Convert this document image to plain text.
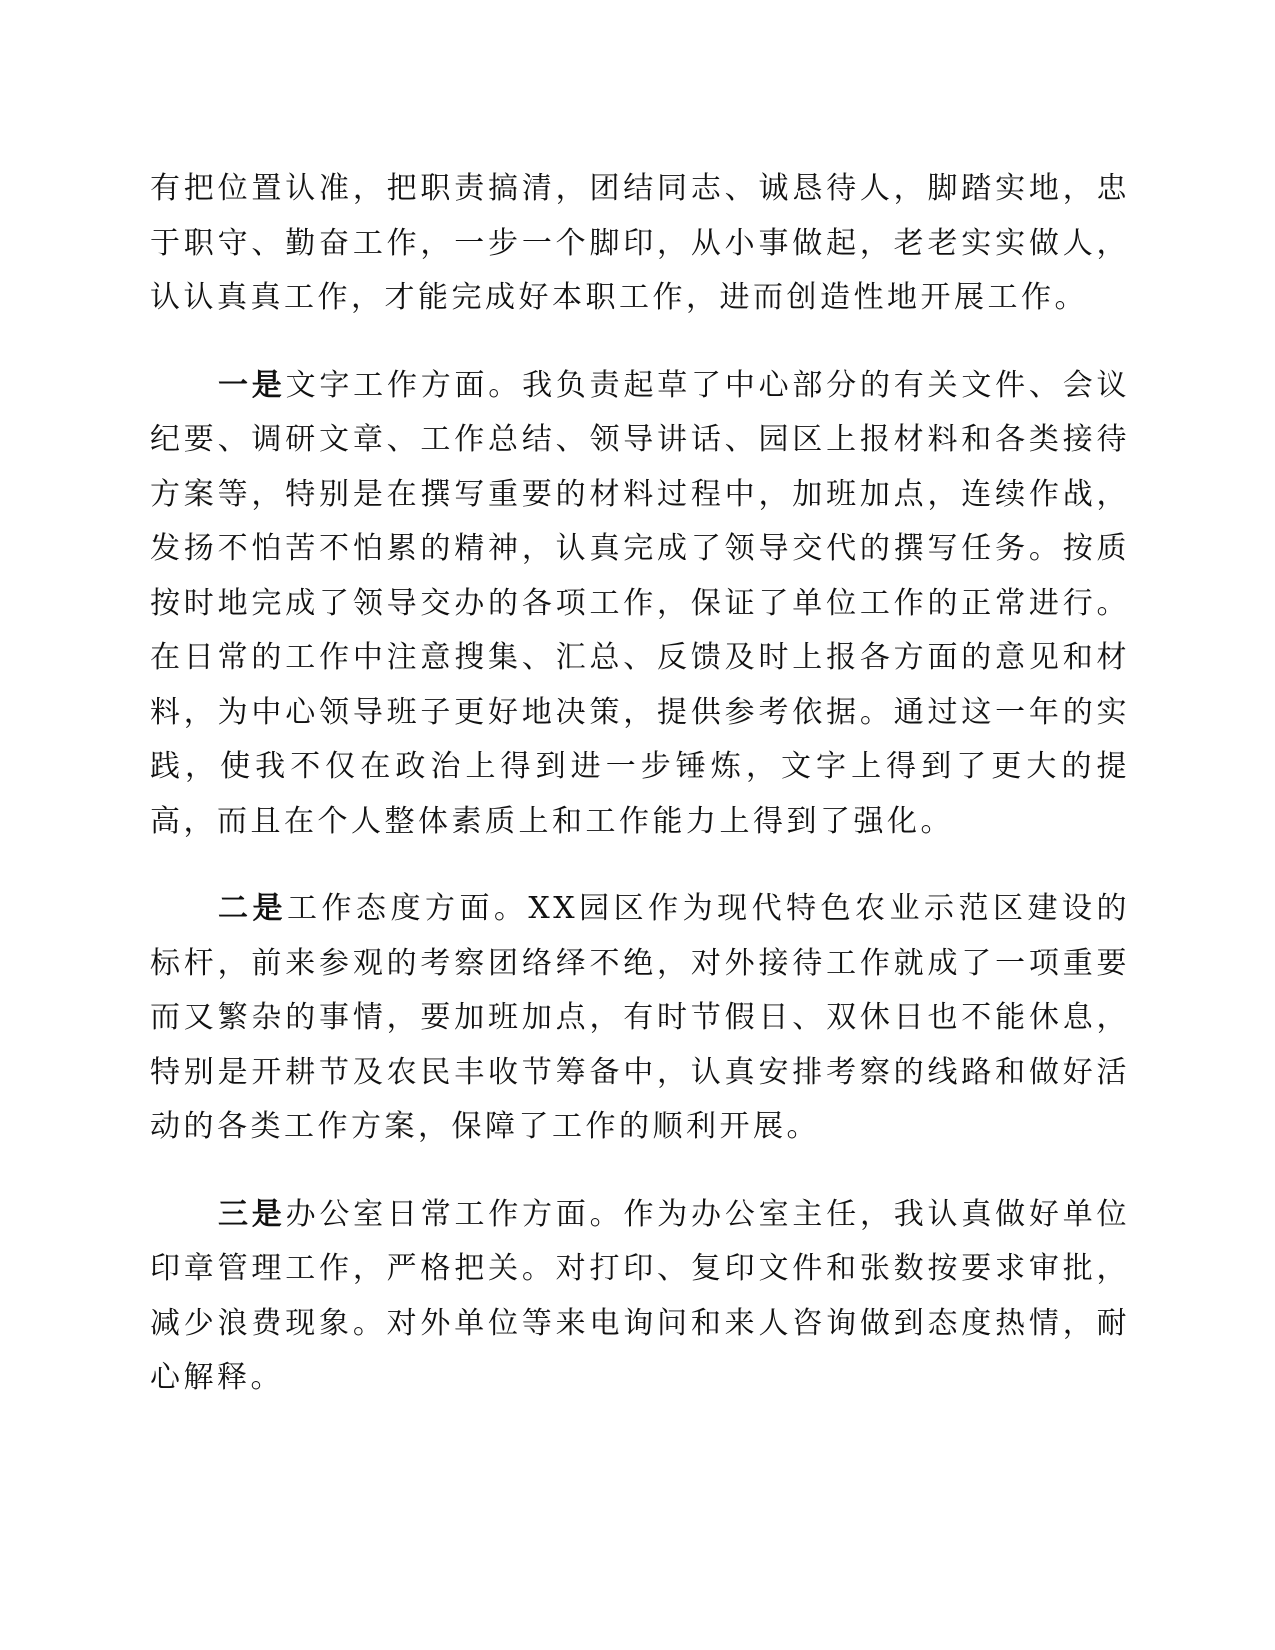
有把位置认准，把职责搞清，团结同志、诚恳待人，脚踏实地，忠于职守、勤奋工作，一步一个脚印，从小事做起，老老实实做人，认认真真工作，才能完成好本职工作，进而创造性地开展工作。

一是文字工作方面。我负责起草了中心部分的有关文件、会议纪要、调研文章、工作总结、领导讲话、园区上报材料和各类接待方案等，特别是在撰写重要的材料过程中，加班加点，连续作战，发扬不怕苦不怕累的精神，认真完成了领导交代的撰写任务。按质按时地完成了领导交办的各项工作，保证了单位工作的正常进行。在日常的工作中注意搜集、汇总、反馈及时上报各方面的意见和材料，为中心领导班子更好地决策，提供参考依据。通过这一年的实践，使我不仅在政治上得到进一步锤炼，文字上得到了更大的提高，而且在个人整体素质上和工作能力上得到了强化。

二是工作态度方面。XX园区作为现代特色农业示范区建设的标杆，前来参观的考察团络绎不绝，对外接待工作就成了一项重要而又繁杂的事情，要加班加点，有时节假日、双休日也不能休息，特别是开耕节及农民丰收节筹备中，认真安排考察的线路和做好活动的各类工作方案，保障了工作的顺利开展。

三是办公室日常工作方面。作为办公室主任，我认真做好单位印章管理工作，严格把关。对打印、复印文件和张数按要求审批，减少浪费现象。对外单位等来电询问和来人咨询做到态度热情，耐心解释。
